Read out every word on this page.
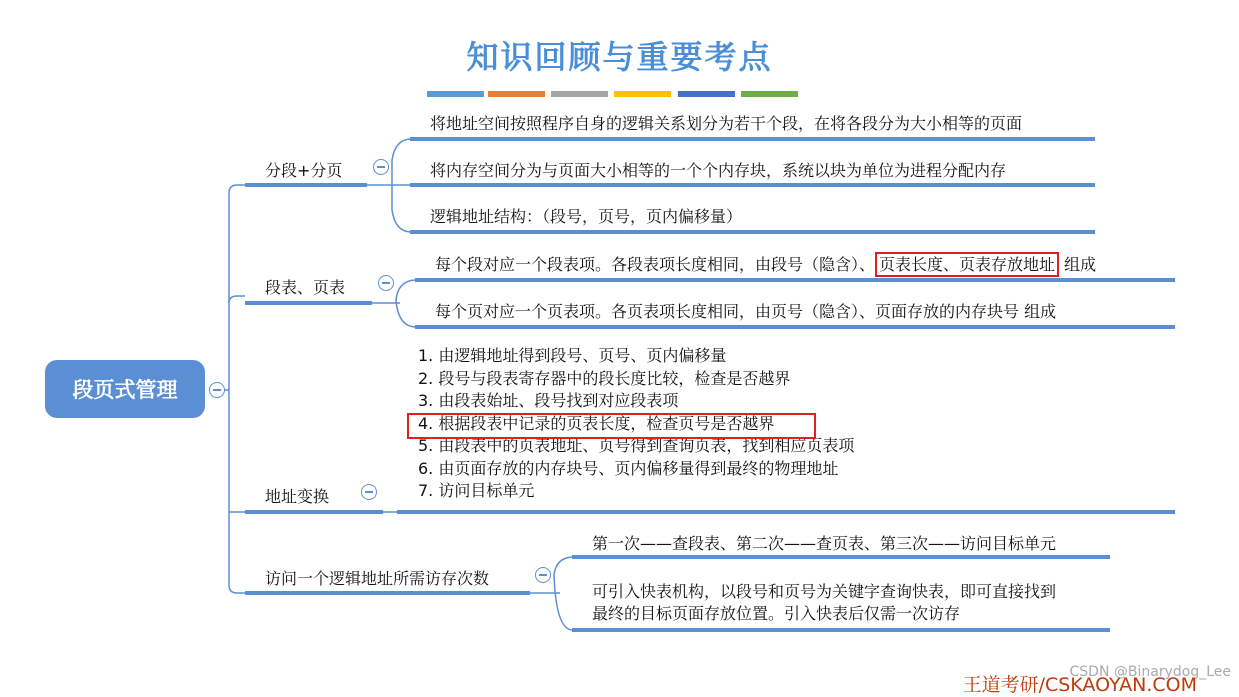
知识回顾与重要考点
段页式管理
分段+分页
将地址空间按照程序自身的逻辑关系划分为若干个段，在将各段分为大小相等的页面
将内存空间分为与页面大小相等的一个个内存块，系统以块为单位为进程分配内存
逻辑地址结构：（段号，页号，页内偏移量）
段表、页表
每个段对应一个段表项。各段表项长度相同，由段号（隐含）、 页表长度、页表存放地址 组成
每个页对应一个页表项。各页表项长度相同，由页号（隐含）、页面存放的内存块号 组成
地址变换
1. 由逻辑地址得到段号、页号、页内偏移量
2. 段号与段表寄存器中的段长度比较，检查是否越界
3. 由段表始址、段号找到对应段表项
4. 根据段表中记录的页表长度，检查页号是否越界
5. 由段表中的页表地址、页号得到查询页表，找到相应页表项
6. 由页面存放的内存块号、页内偏移量得到最终的物理地址
7. 访问目标单元
访问一个逻辑地址所需访存次数
第一次——查段表、第二次——查页表、第三次——访问目标单元
可引入快表机构，以段号和页号为关键字查询快表，即可直接找到
最终的目标页面存放位置。引入快表后仅需一次访存
CSDN @Binarydog_Lee
王道考研/CSKAOYAN.COM
